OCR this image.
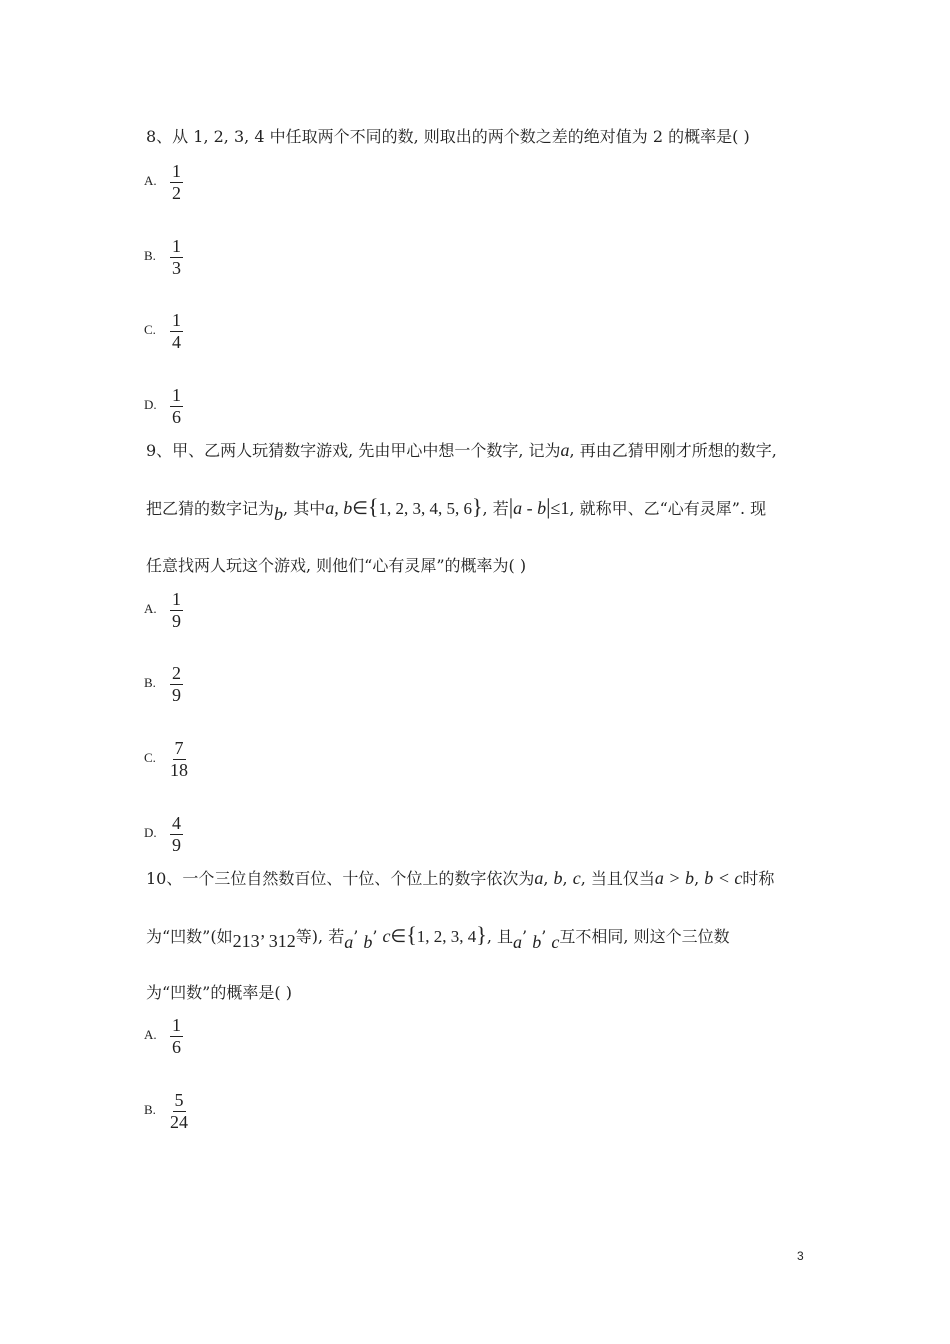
8、从 1, 2, 3, 4 中任取两个不同的数, 则取出的两个数之差的绝对值为 2 的概率是( )
A. $\frac{1}{2}$
B. $\frac{1}{3}$
C. $\frac{1}{4}$
D. $\frac{1}{6}$
9、甲、乙两人玩猜数字游戏, 先由甲心中想一个数字, 记为a, 再由乙猜甲刚才所想的数字,
把乙猜的数字记为b, 其中a, b∈{1, 2, 3, 4, 5, 6}, 若|a - b|≤1, 就称甲、乙“心有灵犀”. 现
任意找两人玩这个游戏, 则他们“心有灵犀”的概率为( )
A. $\frac{1}{9}$
B. $\frac{2}{9}$
C. $\frac{7}{18}$
D. $\frac{4}{9}$
10、一个三位自然数百位、十位、个位上的数字依次为a, b, c, 当且仅当a > b, b < c时称
为“凹数”(如213’ 312等), 若a’ b’ c∈{1, 2, 3, 4}, 且a’ b’ c互不相同, 则这个三位数
为“凹数”的概率是( )
A. $\frac{1}{6}$
B. $\frac{5}{24}$
3
